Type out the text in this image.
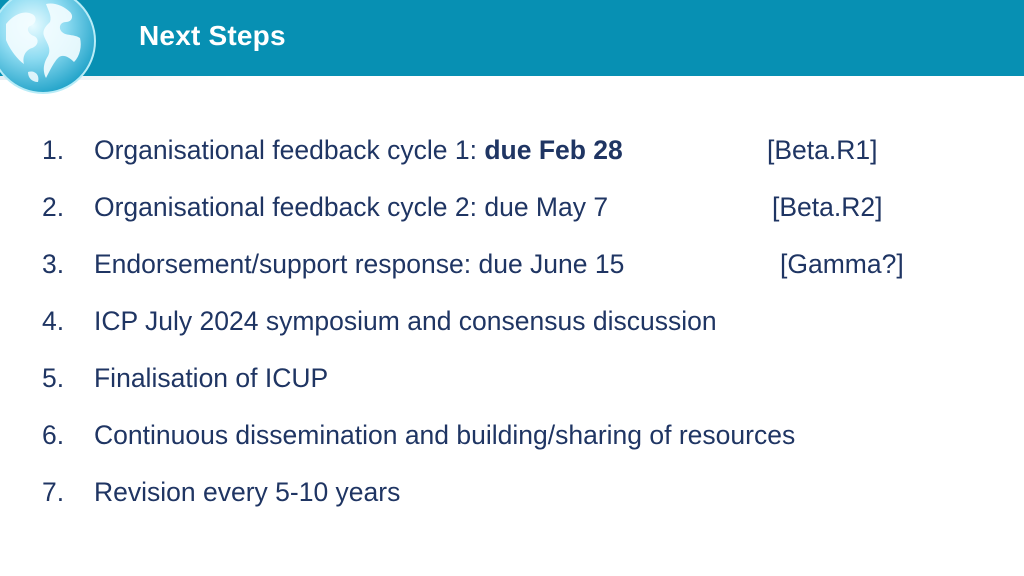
Next Steps
1. Organisational feedback cycle 1: due Feb 28	[Beta.R1]
2. Organisational feedback cycle 2: due May 7	[Beta.R2]
3. Endorsement/support response: due June 15	[Gamma?]
4. ICP July 2024 symposium and consensus discussion
5. Finalisation of ICUP
6. Continuous dissemination and building/sharing of resources
7. Revision every 5-10 years
